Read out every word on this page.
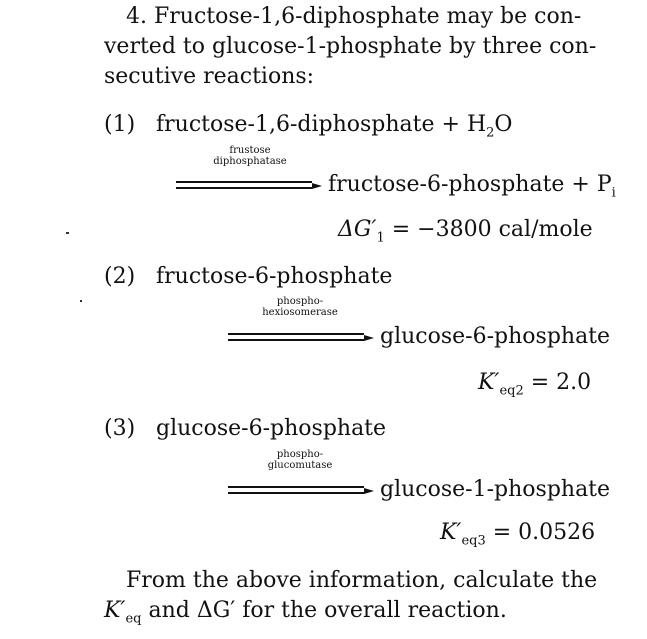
4. Fructose-1,6-diphosphate may be con-
verted to glucose-1-phosphate by three con-
secutive reactions:
(1) fructose-1,6-diphosphate + $H_2O$
frustose
diphosphatase
fructose-6-phosphate + $P_i$
$\Delta G'_1 = -3800$ cal/mole
(2) fructose-6-phosphate
phospho-
hexiosomerase
glucose-6-phosphate
$K'_{eq2} = 2.0$
(3) glucose-6-phosphate
phospho-
glucomutase
glucose-1-phosphate
$K'_{eq3} = 0.0526$
From the above information, calculate the
$K'_{eq}$ and ΔG′ for the overall reaction.
